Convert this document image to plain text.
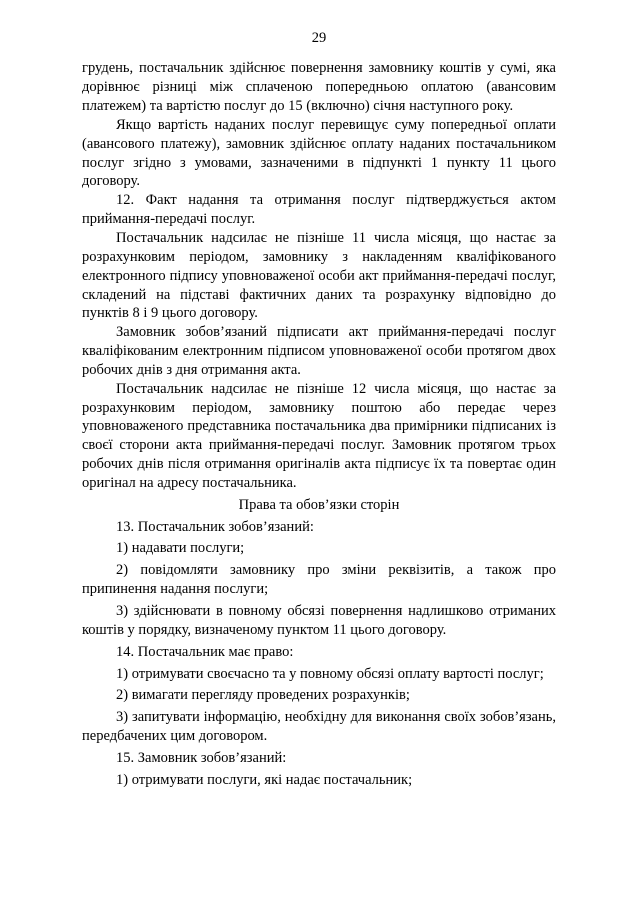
29

грудень, постачальник здійснює повернення замовнику коштів у сумі, яка дорівнює різниці між сплаченою попередньою оплатою (авансовим платежем) та вартістю послуг до 15 (включно) січня наступного року.

Якщо вартість наданих послуг перевищує суму попередньої оплати (авансового платежу), замовник здійснює оплату наданих постачальником послуг згідно з умовами, зазначеними в підпункті 1 пункту 11 цього договору.

12. Факт надання та отримання послуг підтверджується актом приймання-передачі послуг.

Постачальник надсилає не пізніше 11 числа місяця, що настає за розрахунковим періодом, замовнику з накладенням кваліфікованого електронного підпису уповноваженої особи акт приймання-передачі послуг, складений на підставі фактичних даних та розрахунку відповідно до пунктів 8 і 9 цього договору.

Замовник зобов’язаний підписати акт приймання-передачі послуг кваліфікованим електронним підписом уповноваженої особи протягом двох робочих днів з дня отримання акта.

Постачальник надсилає не пізніше 12 числа місяця, що настає за розрахунковим періодом, замовнику поштою або передає через уповноваженого представника постачальника два примірники підписаних із своєї сторони акта приймання-передачі послуг. Замовник протягом трьох робочих днів після отримання оригіналів акта підписує їх та повертає один оригінал на адресу постачальника.

Права та обов’язки сторін

13. Постачальник зобов’язаний:

1) надавати послуги;

2) повідомляти замовнику про зміни реквізитів, а також про припинення надання послуги;

3) здійснювати в повному обсязі повернення надлишково отриманих коштів у порядку, визначеному пунктом 11 цього договору.

14. Постачальник має право:

1) отримувати своєчасно та у повному обсязі оплату вартості послуг;

2) вимагати перегляду проведених розрахунків;

3) запитувати інформацію, необхідну для виконання своїх зобов’язань, передбачених цим договором.

15. Замовник зобов’язаний:

1) отримувати послуги, які надає постачальник;
